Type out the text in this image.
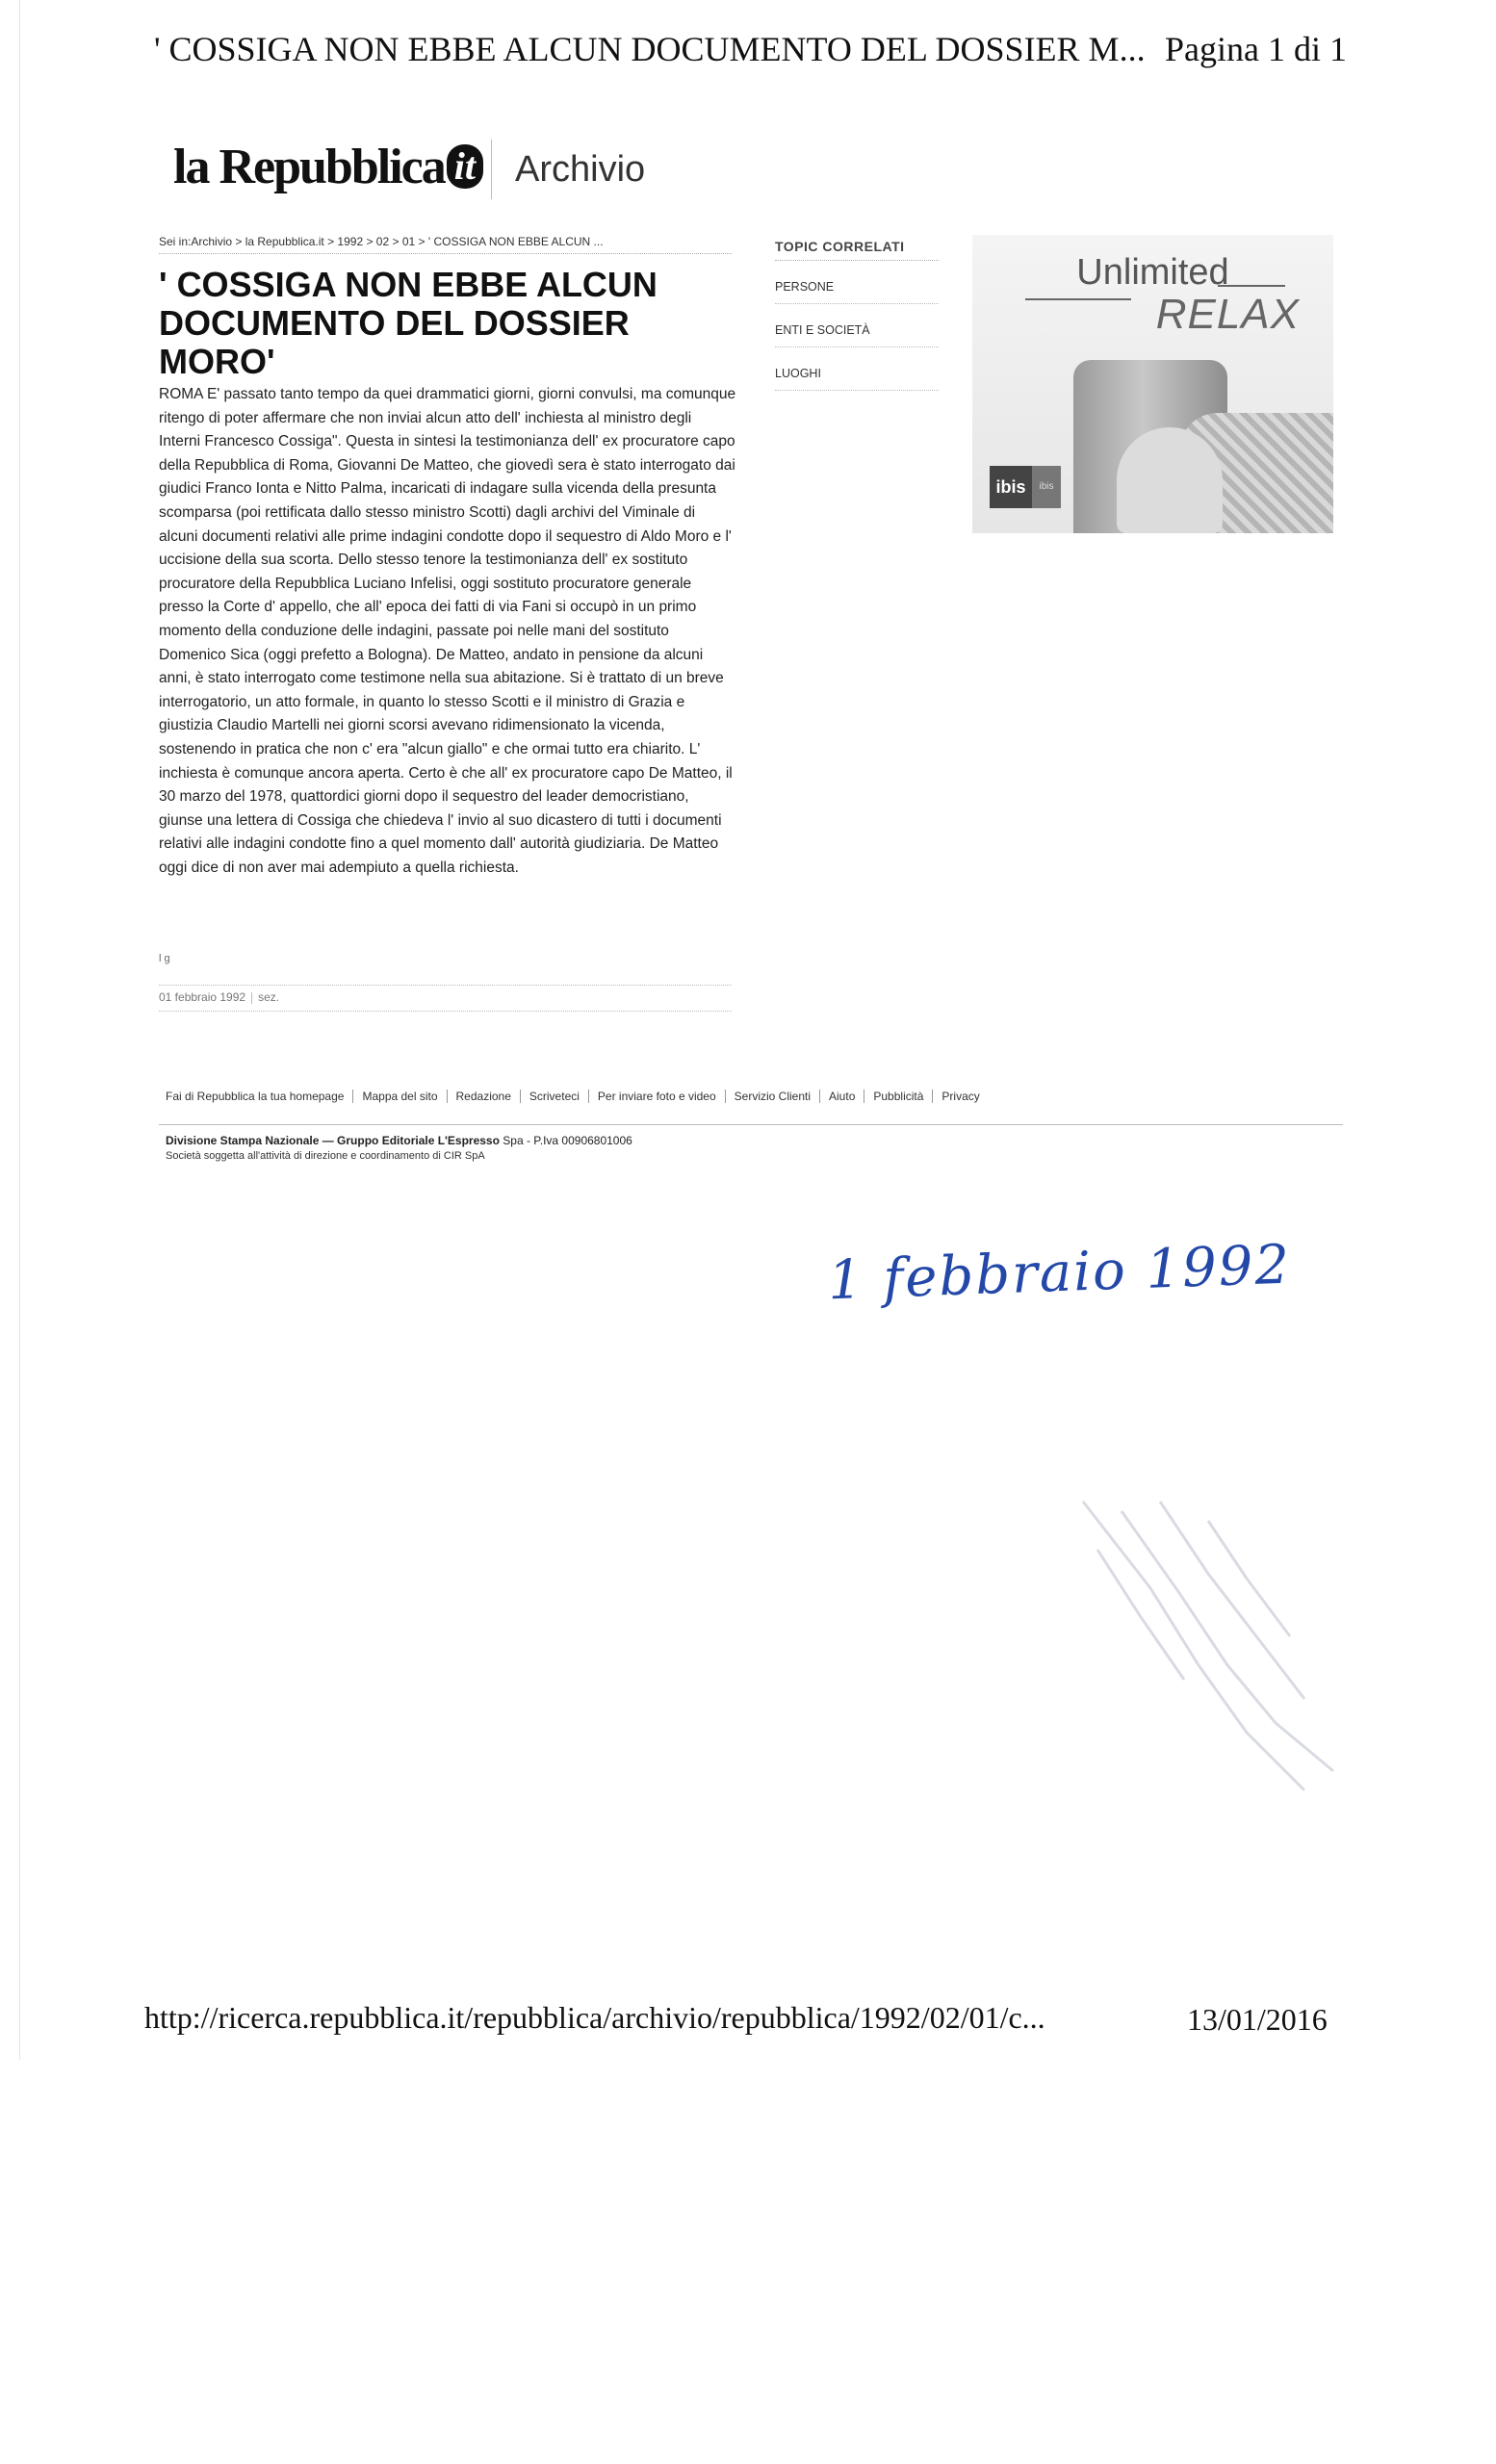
' COSSIGA NON EBBE ALCUN DOCUMENTO DEL DOSSIER M... Pagina 1 di 1
la Repubblica it Archivio
Sei in:Archivio > la Repubblica.it > 1992 > 02 > 01 > ' COSSIGA NON EBBE ALCUN ...
' COSSIGA NON EBBE ALCUN DOCUMENTO DEL DOSSIER MORO'

ROMA E' passato tanto tempo da quei drammatici giorni, giorni convulsi, ma comunque ritengo di poter affermare che non inviai alcun atto dell' inchiesta al ministro degli Interni Francesco Cossiga". Questa in sintesi la testimonianza dell' ex procuratore capo della Repubblica di Roma, Giovanni De Matteo, che giovedì sera è stato interrogato dai giudici Franco Ionta e Nitto Palma, incaricati di indagare sulla vicenda della presunta scomparsa (poi rettificata dallo stesso ministro Scotti) dagli archivi del Viminale di alcuni documenti relativi alle prime indagini condotte dopo il sequestro di Aldo Moro e l' uccisione della sua scorta. Dello stesso tenore la testimonianza dell' ex sostituto procuratore della Repubblica Luciano Infelisi, oggi sostituto procuratore generale presso la Corte d' appello, che all' epoca dei fatti di via Fani si occupò in un primo momento della conduzione delle indagini, passate poi nelle mani del sostituto Domenico Sica (oggi prefetto a Bologna). De Matteo, andato in pensione da alcuni anni, è stato interrogato come testimone nella sua abitazione. Si è trattato di un breve interrogatorio, un atto formale, in quanto lo stesso Scotti e il ministro di Grazia e giustizia Claudio Martelli nei giorni scorsi avevano ridimensionato la vicenda, sostenendo in pratica che non c' era "alcun giallo" e che ormai tutto era chiarito. L' inchiesta è comunque ancora aperta. Certo è che all' ex procuratore capo De Matteo, il 30 marzo del 1978, quattordici giorni dopo il sequestro del leader democristiano, giunse una lettera di Cossiga che chiedeva l' invio al suo dicastero di tutti i documenti relativi alle indagini condotte fino a quel momento dall' autorità giudiziaria. De Matteo oggi dice di non aver mai adempiuto a quella richiesta.

l g
01 febbraio 1992 sez.
TOPIC CORRELATI
PERSONE
ENTI E SOCIETÀ
LUOGHI
Unlimited
RELAX
ibis	ibis
Fai di Repubblica la tua homepage Mappa del sito Redazione Scriveteci Per inviare foto e video Servizio Clienti Aiuto Pubblicità Privacy
Divisione Stampa Nazionale — Gruppo Editoriale L'Espresso Spa - P.Iva 00906801006
Società soggetta all'attività di direzione e coordinamento di CIR SpA
1 febbraio 1992
http://ricerca.repubblica.it/repubblica/archivio/repubblica/1992/02/01/c...	13/01/2016
